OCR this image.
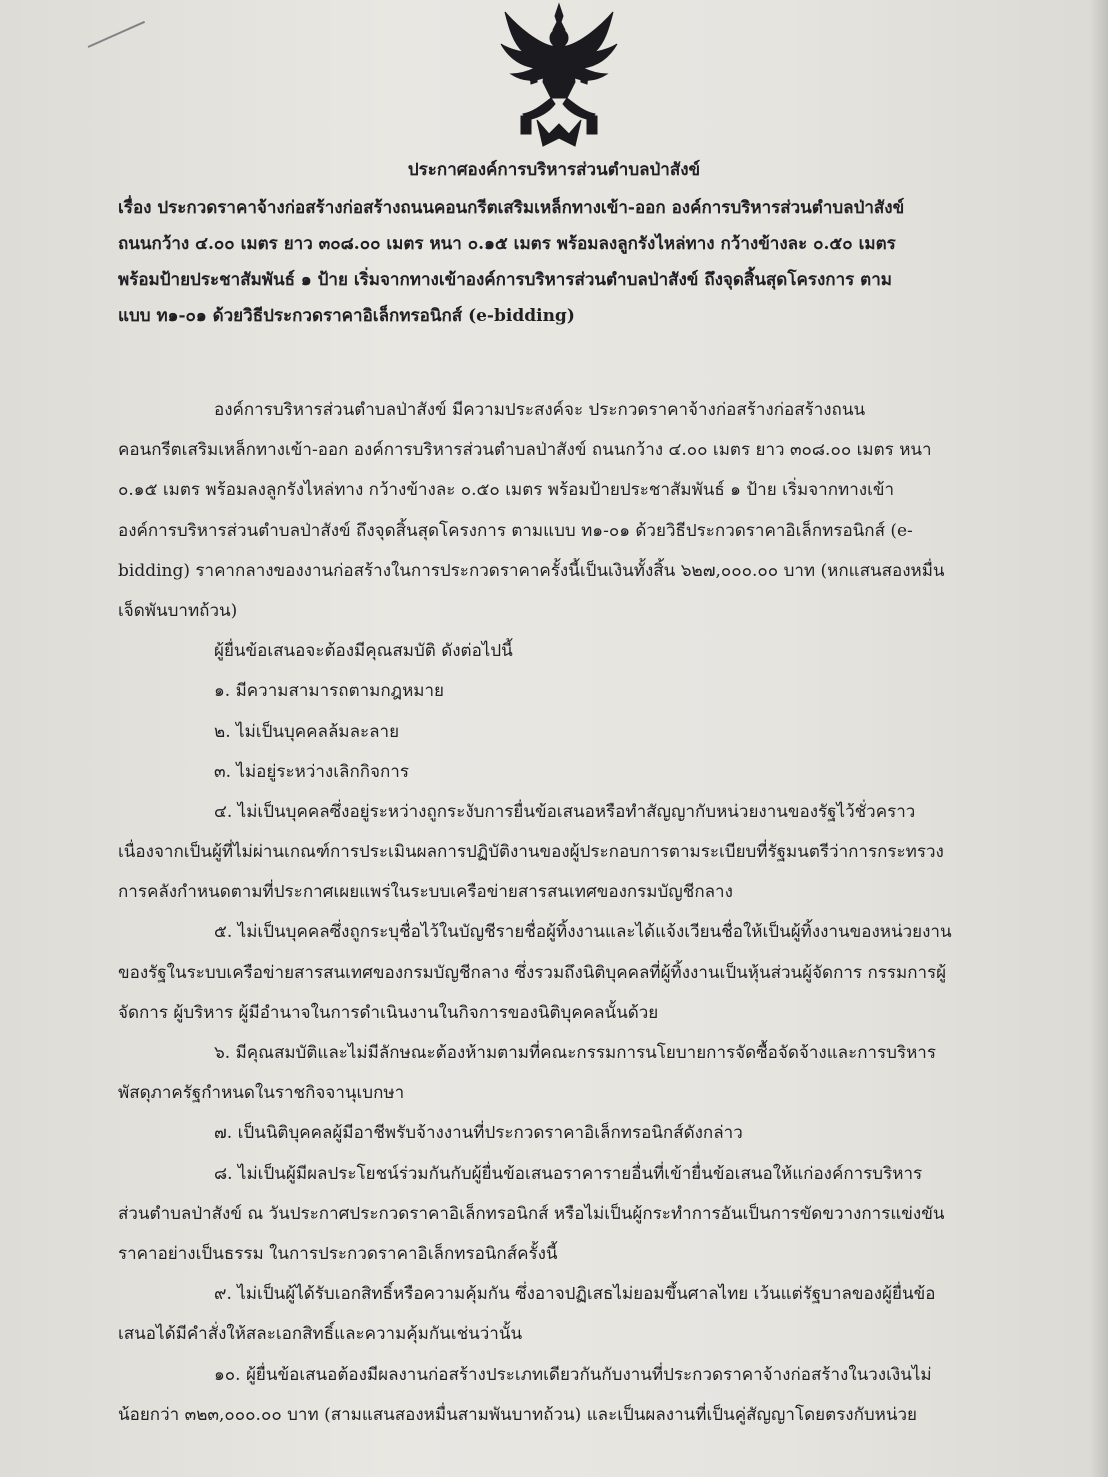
ประกาศองค์การบริหารส่วนตำบลป่าสังข์
เรื่อง ประกวดราคาจ้างก่อสร้างก่อสร้างถนนคอนกรีตเสริมเหล็กทางเข้า-ออก องค์การบริหารส่วนตำบลป่าสังข์
ถนนกว้าง ๔.๐๐ เมตร ยาว ๓๐๘.๐๐ เมตร หนา ๐.๑๕ เมตร พร้อมลงลูกรังไหล่ทาง กว้างข้างละ ๐.๕๐ เมตร
พร้อมป้ายประชาสัมพันธ์ ๑ ป้าย เริ่มจากทางเข้าองค์การบริหารส่วนตำบลป่าสังข์ ถึงจุดสิ้นสุดโครงการ ตาม
แบบ ท๑-๐๑ ด้วยวิธีประกวดราคาอิเล็กทรอนิกส์ (e-bidding)
องค์การบริหารส่วนตำบลป่าสังข์ มีความประสงค์จะ ประกวดราคาจ้างก่อสร้างก่อสร้างถนน
คอนกรีตเสริมเหล็กทางเข้า-ออก องค์การบริหารส่วนตำบลป่าสังข์ ถนนกว้าง ๔.๐๐ เมตร ยาว ๓๐๘.๐๐ เมตร หนา
๐.๑๕ เมตร พร้อมลงลูกรังไหล่ทาง กว้างข้างละ ๐.๕๐ เมตร พร้อมป้ายประชาสัมพันธ์ ๑ ป้าย เริ่มจากทางเข้า
องค์การบริหารส่วนตำบลป่าสังข์ ถึงจุดสิ้นสุดโครงการ ตามแบบ ท๑-๐๑ ด้วยวิธีประกวดราคาอิเล็กทรอนิกส์ (e-
bidding) ราคากลางของงานก่อสร้างในการประกวดราคาครั้งนี้เป็นเงินทั้งสิ้น ๖๒๗,๐๐๐.๐๐ บาท (หกแสนสองหมื่น
เจ็ดพันบาทถ้วน)
ผู้ยื่นข้อเสนอจะต้องมีคุณสมบัติ ดังต่อไปนี้
๑. มีความสามารถตามกฎหมาย
๒. ไม่เป็นบุคคลล้มละลาย
๓. ไม่อยู่ระหว่างเลิกกิจการ
๔. ไม่เป็นบุคคลซึ่งอยู่ระหว่างถูกระงับการยื่นข้อเสนอหรือทำสัญญากับหน่วยงานของรัฐไว้ชั่วคราว
เนื่องจากเป็นผู้ที่ไม่ผ่านเกณฑ์การประเมินผลการปฏิบัติงานของผู้ประกอบการตามระเบียบที่รัฐมนตรีว่าการกระทรวง
การคลังกำหนดตามที่ประกาศเผยแพร่ในระบบเครือข่ายสารสนเทศของกรมบัญชีกลาง
๕. ไม่เป็นบุคคลซึ่งถูกระบุชื่อไว้ในบัญชีรายชื่อผู้ทิ้งงานและได้แจ้งเวียนชื่อให้เป็นผู้ทิ้งงานของหน่วยงาน
ของรัฐในระบบเครือข่ายสารสนเทศของกรมบัญชีกลาง ซึ่งรวมถึงนิติบุคคลที่ผู้ทิ้งงานเป็นหุ้นส่วนผู้จัดการ กรรมการผู้
จัดการ ผู้บริหาร ผู้มีอำนาจในการดำเนินงานในกิจการของนิติบุคคลนั้นด้วย
๖. มีคุณสมบัติและไม่มีลักษณะต้องห้ามตามที่คณะกรรมการนโยบายการจัดซื้อจัดจ้างและการบริหาร
พัสดุภาครัฐกำหนดในราชกิจจานุเบกษา
๗. เป็นนิติบุคคลผู้มีอาชีพรับจ้างงานที่ประกวดราคาอิเล็กทรอนิกส์ดังกล่าว
๘. ไม่เป็นผู้มีผลประโยชน์ร่วมกันกับผู้ยื่นข้อเสนอราคารายอื่นที่เข้ายื่นข้อเสนอให้แก่องค์การบริหาร
ส่วนตำบลป่าสังข์ ณ วันประกาศประกวดราคาอิเล็กทรอนิกส์ หรือไม่เป็นผู้กระทำการอันเป็นการขัดขวางการแข่งขัน
ราคาอย่างเป็นธรรม ในการประกวดราคาอิเล็กทรอนิกส์ครั้งนี้
๙. ไม่เป็นผู้ได้รับเอกสิทธิ์หรือความคุ้มกัน ซึ่งอาจปฏิเสธไม่ยอมขึ้นศาลไทย เว้นแต่รัฐบาลของผู้ยื่นข้อ
เสนอได้มีคำสั่งให้สละเอกสิทธิ์และความคุ้มกันเช่นว่านั้น
๑๐. ผู้ยื่นข้อเสนอต้องมีผลงานก่อสร้างประเภทเดียวกันกับงานที่ประกวดราคาจ้างก่อสร้างในวงเงินไม่
น้อยกว่า ๓๒๓,๐๐๐.๐๐ บาท (สามแสนสองหมื่นสามพันบาทถ้วน) และเป็นผลงานที่เป็นคู่สัญญาโดยตรงกับหน่วย
